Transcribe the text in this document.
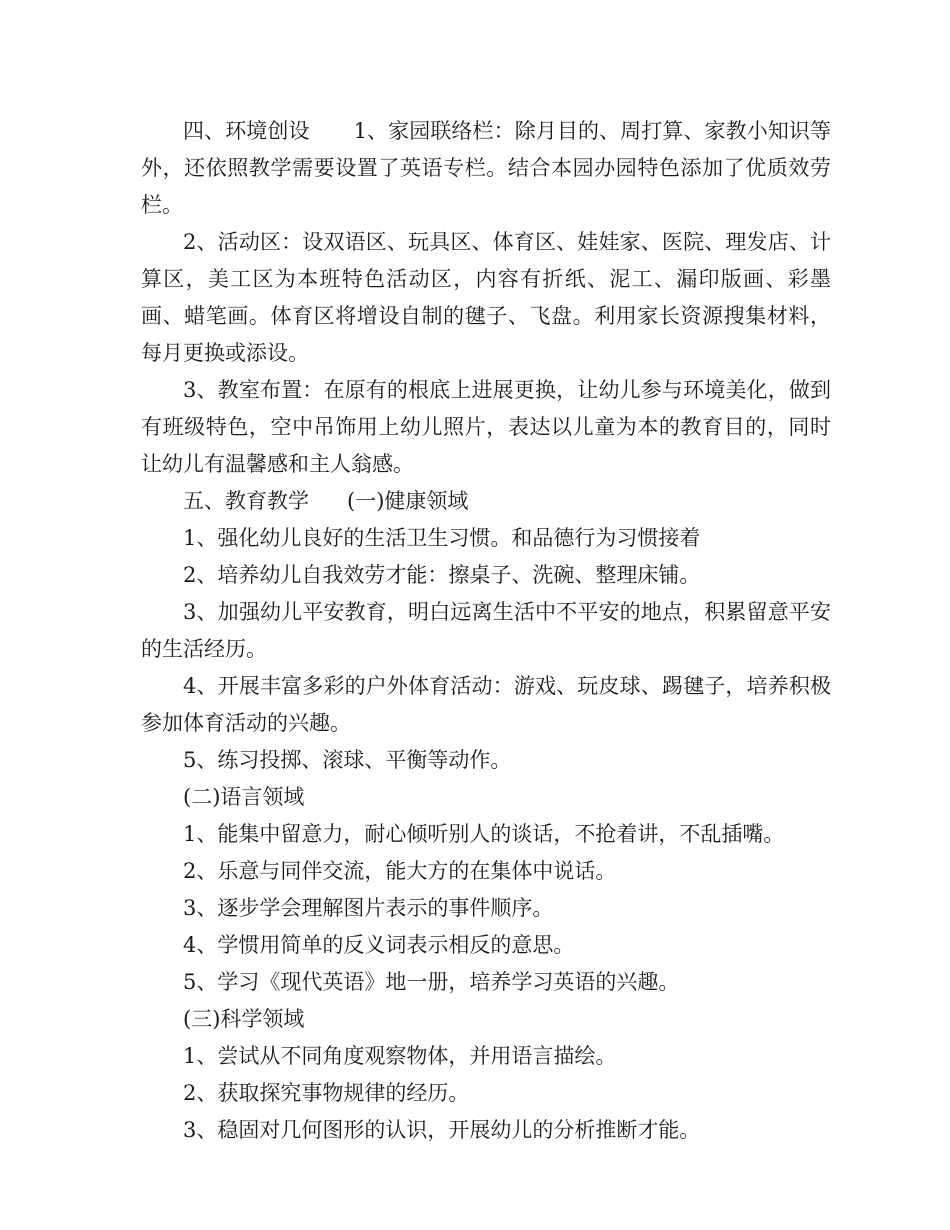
四、环境创设 1、家园联络栏：除月目的、周打算、家教小知识等外，还依照教学需要设置了英语专栏。结合本园办园特色添加了优质效劳栏。

2、活动区：设双语区、玩具区、体育区、娃娃家、医院、理发店、计算区，美工区为本班特色活动区，内容有折纸、泥工、漏印版画、彩墨画、蜡笔画。体育区将增设自制的毽子、飞盘。利用家长资源搜集材料，每月更换或添设。

3、教室布置：在原有的根底上进展更换，让幼儿参与环境美化，做到有班级特色，空中吊饰用上幼儿照片，表达以儿童为本的教育目的，同时让幼儿有温馨感和主人翁感。

五、教育教学 (一)健康领域

1、强化幼儿良好的生活卫生习惯。和品德行为习惯接着

2、培养幼儿自我效劳才能：擦桌子、洗碗、整理床铺。

3、加强幼儿平安教育，明白远离生活中不平安的地点，积累留意平安的生活经历。

4、开展丰富多彩的户外体育活动：游戏、玩皮球、踢毽子，培养积极参加体育活动的兴趣。

5、练习投掷、滚球、平衡等动作。

(二)语言领域

1、能集中留意力，耐心倾听别人的谈话，不抢着讲，不乱插嘴。

2、乐意与同伴交流，能大方的在集体中说话。

3、逐步学会理解图片表示的事件顺序。

4、学惯用简单的反义词表示相反的意思。

5、学习《现代英语》地一册，培养学习英语的兴趣。

(三)科学领域

1、尝试从不同角度观察物体，并用语言描绘。

2、获取探究事物规律的经历。

3、稳固对几何图形的认识，开展幼儿的分析推断才能。
